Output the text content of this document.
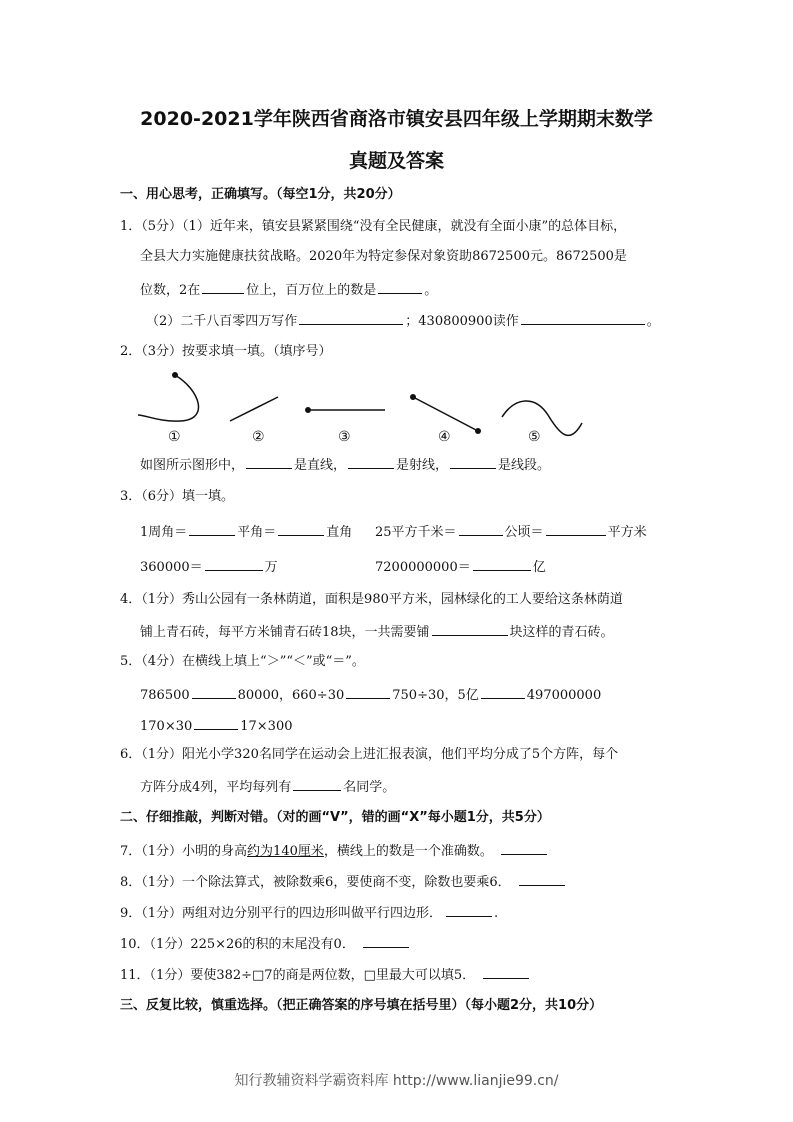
2020-2021学年陕西省商洛市镇安县四年级上学期期末数学
真题及答案
一、用心思考，正确填写。（每空1分，共20分）
1．（5分）（1）近年来，镇安县紧紧围绕“没有全民健康，就没有全面小康”的总体目标，
全县大力实施健康扶贫战略。2020年为特定参保对象资助8672500元。8672500是
位数，2在	位上，百万位上的数是	。
（2）二千八百零四万写作	；430800900读作	。
2．（3分）按要求填一填。（填序号）
①	②	③	④	⑤
如图所示图形中，	是直线，	是射线，	是线段。
3．（6分）填一填。
1周角＝	平角＝	直角 25平方千米＝	公顷＝	平方米
360000＝	万	7200000000＝	亿
4．（1分）秀山公园有一条林荫道，面积是980平方米，园林绿化的工人要给这条林荫道
铺上青石砖，每平方米铺青石砖18块，一共需要铺	块这样的青石砖。
5．（4分）在横线上填上“＞”“＜”或“＝”。
786500	80000，660÷30	750÷30，5亿	497000000
170×30	17×300
6．（1分）阳光小学320名同学在运动会上进汇报表演，他们平均分成了5个方阵，每个
方阵分成4列，平均每列有	名同学。
二、仔细推敲，判断对错。（对的画“V”，错的画“X”每小题1分，共5分）
7．（1分）小明的身高约为140厘米，横线上的数是一个准确数。
8．（1分）一个除法算式，被除数乘6，要使商不变，除数也要乘6．
9．（1分）两组对边分别平行的四边形叫做平行四边形．	.
10．（1分）225×26的积的末尾没有0．
11．（1分）要使382÷□7的商是两位数，□里最大可以填5．
三、反复比较，慎重选择。（把正确答案的序号填在括号里）（每小题2分，共10分）
知行教辅资料学霸资料库 http://www.lianjie99.cn/
